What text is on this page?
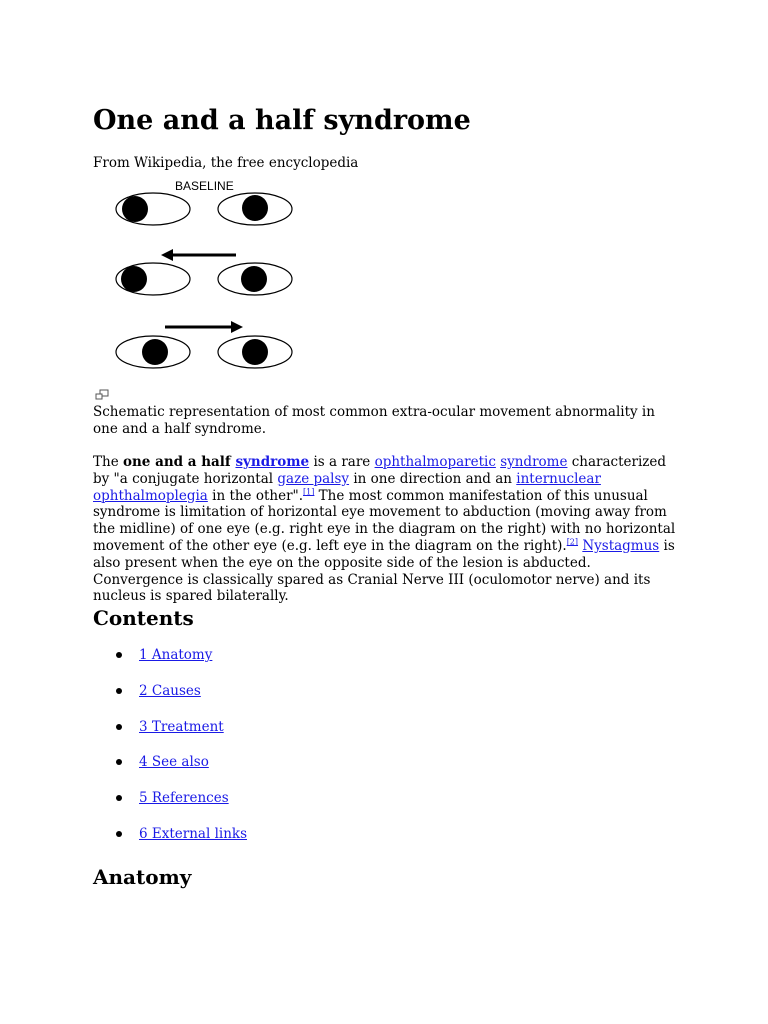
One and a half syndrome
From Wikipedia, the free encyclopedia
BASELINE
Schematic representation of most common extra-ocular movement abnormality in one and a half syndrome.

The one and a half syndrome is a rare ophthalmoparetic syndrome characterized by "a conjugate horizontal gaze palsy in one direction and an internuclear ophthalmoplegia in the other".[1] The most common manifestation of this unusual syndrome is limitation of horizontal eye movement to abduction (moving away from the midline) of one eye (e.g. right eye in the diagram on the right) with no horizontal movement of the other eye (e.g. left eye in the diagram on the right).[2] Nystagmus is also present when the eye on the opposite side of the lesion is abducted. Convergence is classically spared as Cranial Nerve III (oculomotor nerve) and its nucleus is spared bilaterally.

Contents
1 Anatomy
2 Causes
3 Treatment
4 See also
5 References
6 External links
Anatomy
